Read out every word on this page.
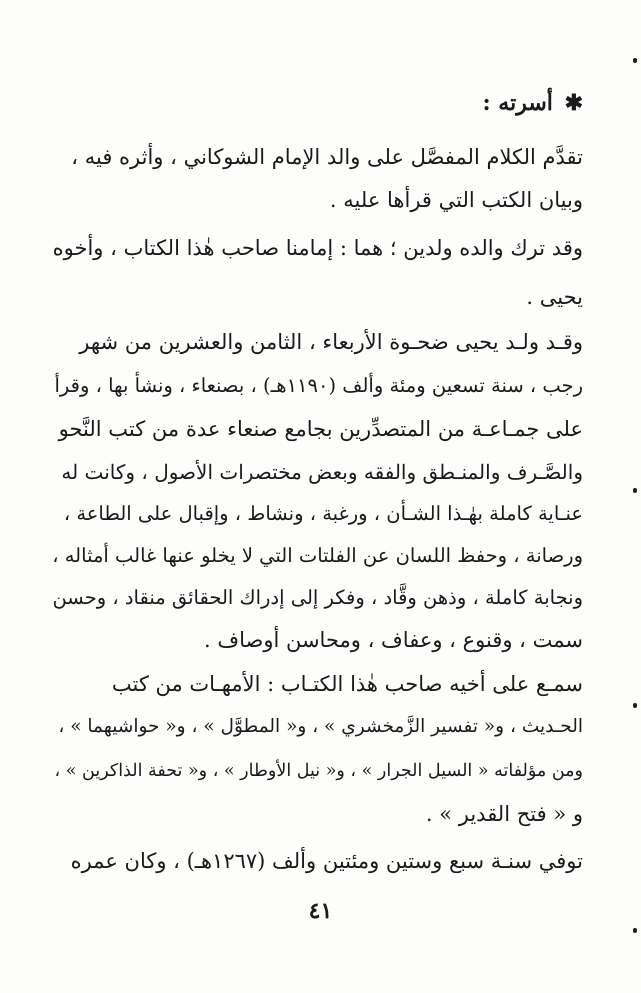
✱ أسرته :
تقدَّم الكلام المفصَّل على والد الإمام الشوكاني ، وأثره فيه ،
وبيان الكتب التي قرأها عليه .
وقد ترك والده ولدين ؛ هما : إمامنا صاحب هٰذا الكتاب ، وأخوه
يحيى .
وقـد ولـد يحيى ضحـوة الأربعاء ، الثامن والعشرين من شهر
رجب ، سنة تسعين ومئة وألف (١١٩٠هـ) ، بصنعاء ، ونشأ بها ، وقرأ
على جمـاعـة من المتصدِّرين بجامع صنعاء عدة من كتب النَّحو
والصَّـرف والمنـطق والفقه وبعض مختصرات الأصول ، وكانت له
عنـاية كاملة بهٰـذا الشـأن ، ورغبة ، ونشاط ، وإقبال على الطاعة ،
ورصانة ، وحفظ اللسان عن الفلتات التي لا يخلو عنها غالب أمثاله ،
ونجابة كاملة ، وذهن وقَّاد ، وفكر إلى إدراك الحقائق منقاد ، وحسن
سمت ، وقنوع ، وعفاف ، ومحاسن أوصاف .
سمـع على أخيه صاحب هٰذا الكتـاب : الأمهـات من كتب
الحـديث ، و« تفسير الزَّمخشري » ، و« المطوَّل » ، و« حواشيهما » ،
ومن مؤلفاته « السيل الجرار » ، و« نيل الأوطار » ، و« تحفة الذاكرين » ،
و « فتح القدير » .
توفي سنـة سبع وستين ومئتين وألف (١٢٦٧هـ) ، وكان عمره
٤١
